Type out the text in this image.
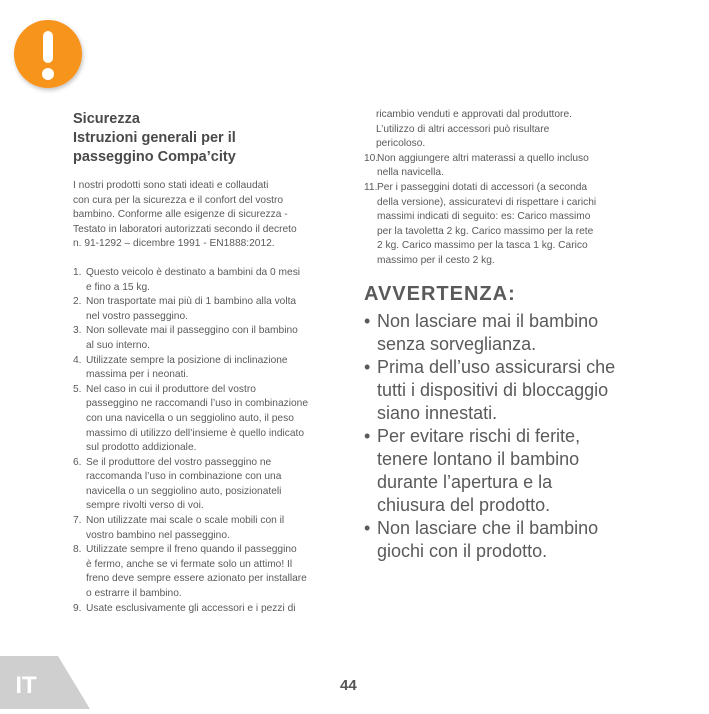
Sicurezza
Istruzioni generali per il
passeggino Compa’city
I nostri prodotti sono stati ideati e collaudati
con cura per la sicurezza e il confort del vostro
bambino. Conforme alle esigenze di sicurezza -
Testato in laboratori autorizzati secondo il decreto
n. 91-1292 – dicembre 1991 - EN1888:2012.
1. Questo veicolo è destinato a bambini da 0 mesi
e fino a 15 kg.
2. Non trasportate mai più di 1 bambino alla volta
nel vostro passeggino.
3. Non sollevate mai il passeggino con il bambino
al suo interno.
4. Utilizzate sempre la posizione di inclinazione
massima per i neonati.
5. Nel caso in cui il produttore del vostro
passeggino ne raccomandi l’uso in combinazione
con una navicella o un seggiolino auto, il peso
massimo di utilizzo dell’insieme è quello indicato
sul prodotto addizionale.
6. Se il produttore del vostro passeggino ne
raccomanda l’uso in combinazione con una
navicella o un seggiolino auto, posizionateli
sempre rivolti verso di voi.
7. Non utilizzate mai scale o scale mobili con il
vostro bambino nel passeggino.
8. Utilizzate sempre il freno quando il passeggino
è fermo, anche se vi fermate solo un attimo! Il
freno deve sempre essere azionato per installare
o estrarre il bambino.
9. Usate esclusivamente gli accessori e i pezzi di
ricambio venduti e approvati dal produttore.
L’utilizzo di altri accessori può risultare
pericoloso.
10.
Non aggiungere altri materassi a quello incluso
nella navicella.
11. Per i passeggini dotati di accessori (a seconda
della versione), assicuratevi di rispettare i carichi
massimi indicati di seguito: es: Carico massimo
per la tavoletta 2 kg. Carico massimo per la rete
2 kg. Carico massimo per la tasca 1 kg. Carico
massimo per il cesto 2 kg.
AVVERTENZA:
• Non lasciare mai il bambino
senza sorveglianza.
• Prima dell’uso assicurarsi che
tutti i dispositivi di bloccaggio
siano innestati.
• Per evitare rischi di ferite,
tenere lontano il bambino
durante l’apertura e la
chiusura del prodotto.
• Non lasciare che il bambino
giochi con il prodotto.
IT	44
